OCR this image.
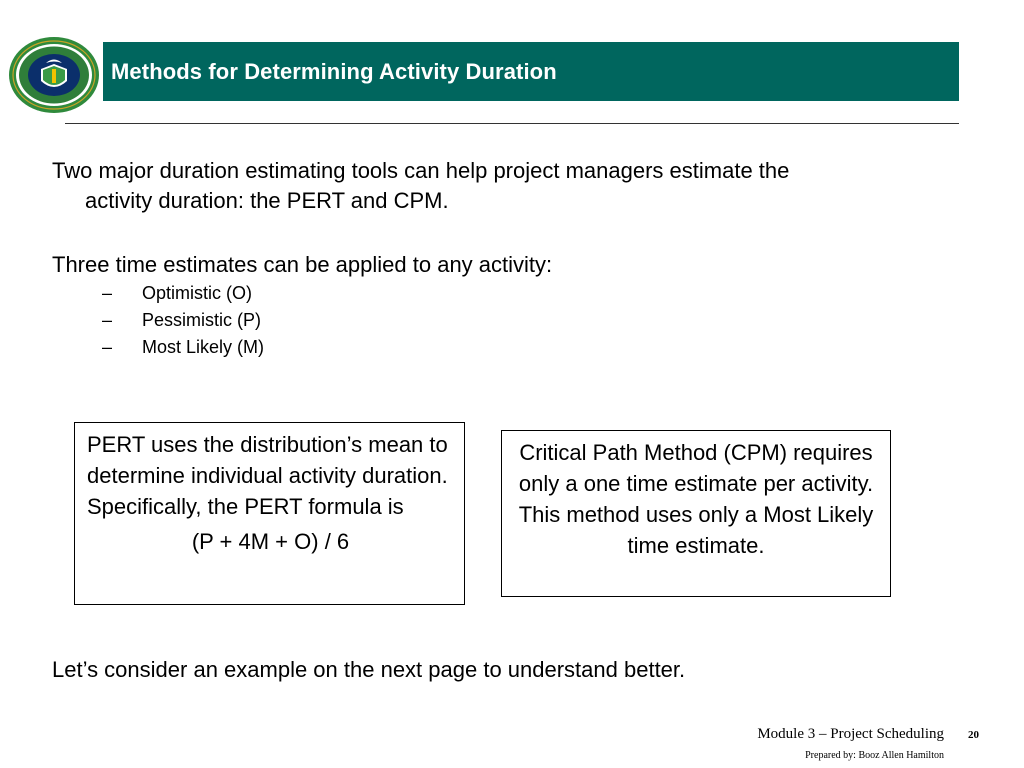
Methods for Determining Activity Duration
Two major duration estimating tools can help project managers estimate the
activity duration: the PERT and CPM.
Three time estimates can be applied to any activity:
–	Optimistic (O)
–	Pessimistic (P)
–	Most Likely (M)
PERT uses the distribution’s mean to determine individual activity duration. Specifically, the PERT formula is
(P + 4M + O) / 6
Critical Path Method (CPM) requires only a one time estimate per activity. This method uses only a Most Likely time estimate.
Let’s consider an example on the next page to understand better.
Module 3 – Project Scheduling 20
Prepared by: Booz Allen Hamilton
